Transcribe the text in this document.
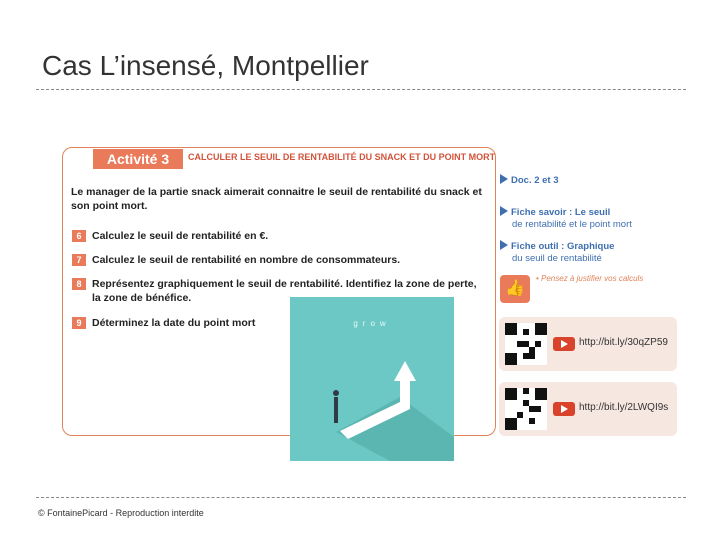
Cas L’insensé, Montpellier
Activité 3	CALCULER LE SEUIL DE RENTABILITÉ DU SNACK ET DU POINT MORT
Le manager de la partie snack aimerait connaitre le seuil de rentabilité du snack et son point mort.
6 Calculez le seuil de rentabilité en €.
7 Calculez le seuil de rentabilité en nombre de consommateurs.
8 Représentez graphiquement le seuil de rentabilité. Identifiez la zone de perte, la zone de bénéfice.
9 Déterminez la date du point mort
Doc. 2 et 3
Fiche savoir : Le seuil
de rentabilité et le point mort
Fiche outil : Graphique
du seuil de rentabilité
👍
• Pensez à justifier vos calculs
http://bit.ly/30qZP59
http://bit.ly/2LWQI9s
grow
© FontainePicard - Reproduction interdite
